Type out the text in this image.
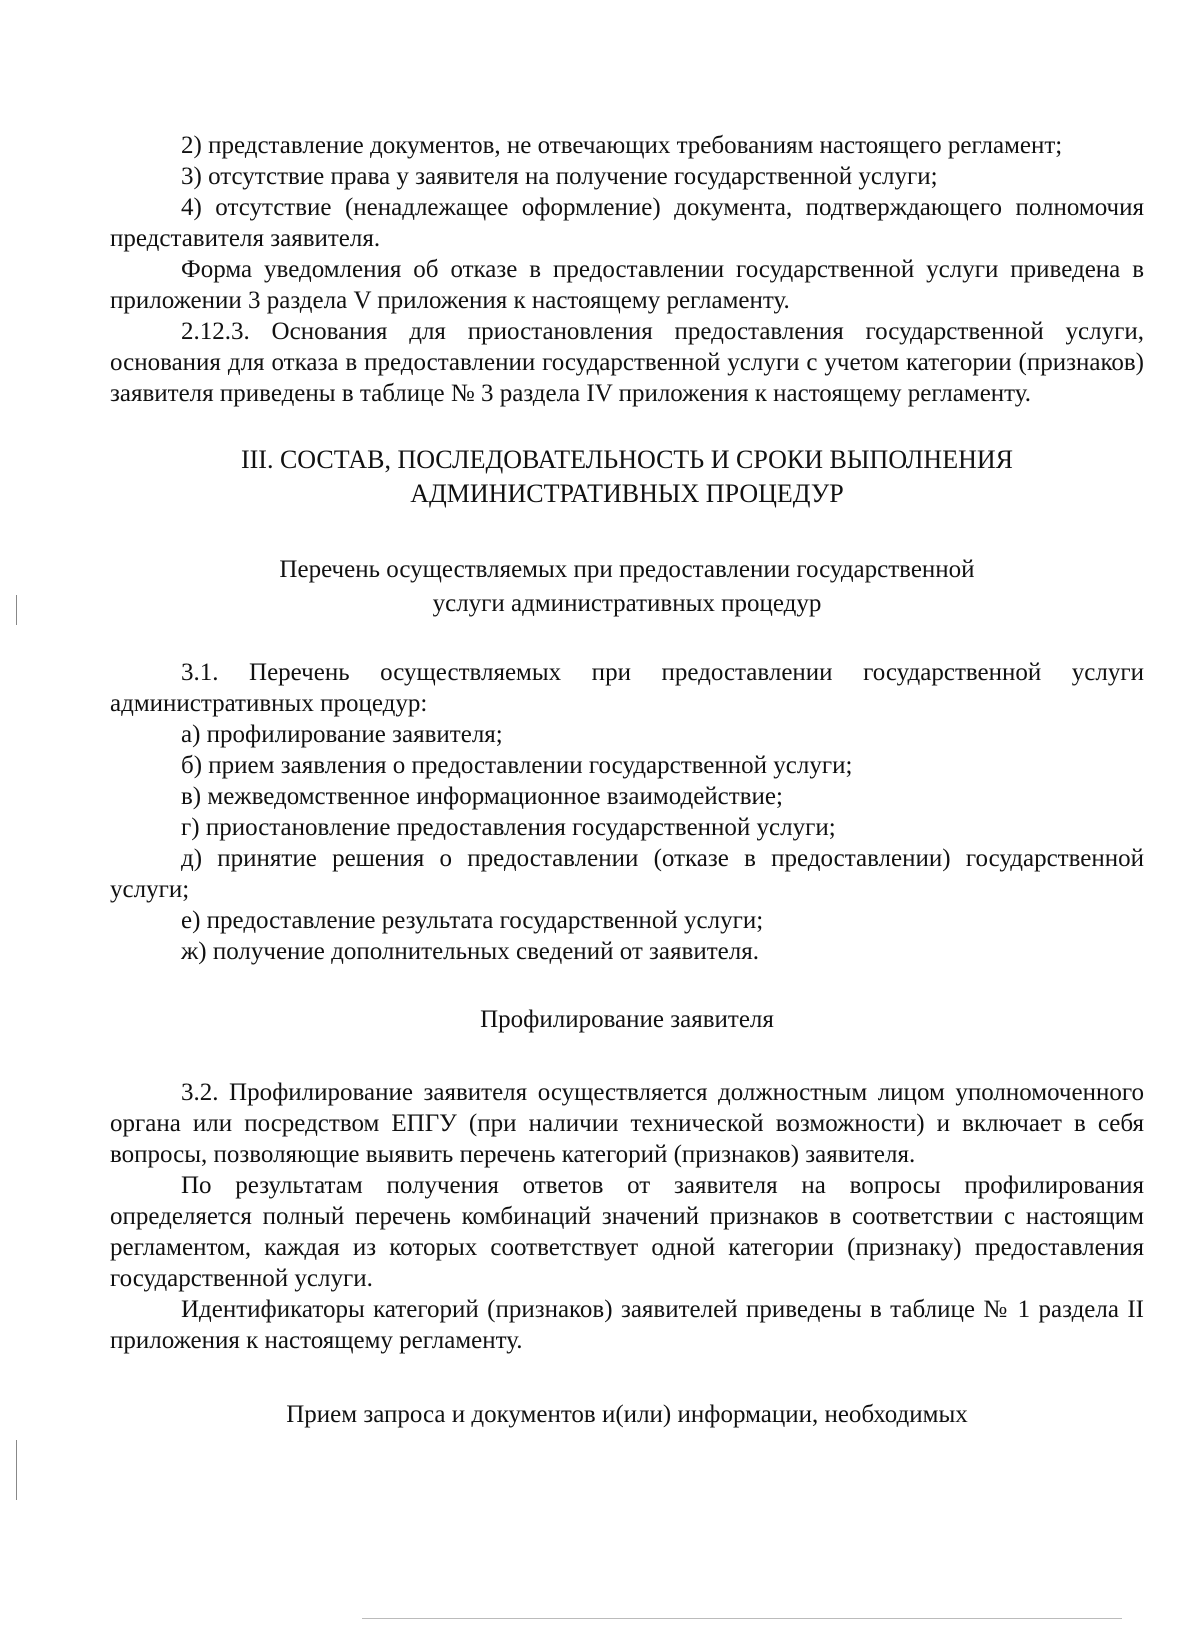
2) представление документов, не отвечающих требованиям настоящего регламент;

3) отсутствие права у заявителя на получение государственной услуги;

4) отсутствие (ненадлежащее оформление) документа, подтверждающего полномочия представителя заявителя.

Форма уведомления об отказе в предоставлении государственной услуги приведена в приложении 3 раздела V приложения к настоящему регламенту.

2.12.3. Основания для приостановления предоставления государственной услуги, основания для отказа в предоставлении государственной услуги с учетом категории (признаков) заявителя приведены в таблице № 3 раздела IV приложения к настоящему регламенту.

III. СОСТАВ, ПОСЛЕДОВАТЕЛЬНОСТЬ И СРОКИ ВЫПОЛНЕНИЯ
АДМИНИСТРАТИВНЫХ ПРОЦЕДУР
Перечень осуществляемых при предоставлении государственной
услуги административных процедур

3.1. Перечень осуществляемых при предоставлении государственной услуги административных процедур:

а) профилирование заявителя;

б) прием заявления о предоставлении государственной услуги;

в) межведомственное информационное взаимодействие;

г) приостановление предоставления государственной услуги;

д) принятие решения о предоставлении (отказе в предоставлении) государственной услуги;

е) предоставление результата государственной услуги;

ж) получение дополнительных сведений от заявителя.

Профилирование заявителя

3.2. Профилирование заявителя осуществляется должностным лицом уполномоченного органа или посредством ЕПГУ (при наличии технической возможности) и включает в себя вопросы, позволяющие выявить перечень категорий (признаков) заявителя.

По результатам получения ответов от заявителя на вопросы профилирования определяется полный перечень комбинаций значений признаков в соответствии с настоящим регламентом, каждая из которых соответствует одной категории (признаку) предоставления государственной услуги.

Идентификаторы категорий (признаков) заявителей приведены в таблице № 1 раздела II приложения к настоящему регламенту.

Прием запроса и документов и(или) информации, необходимых
